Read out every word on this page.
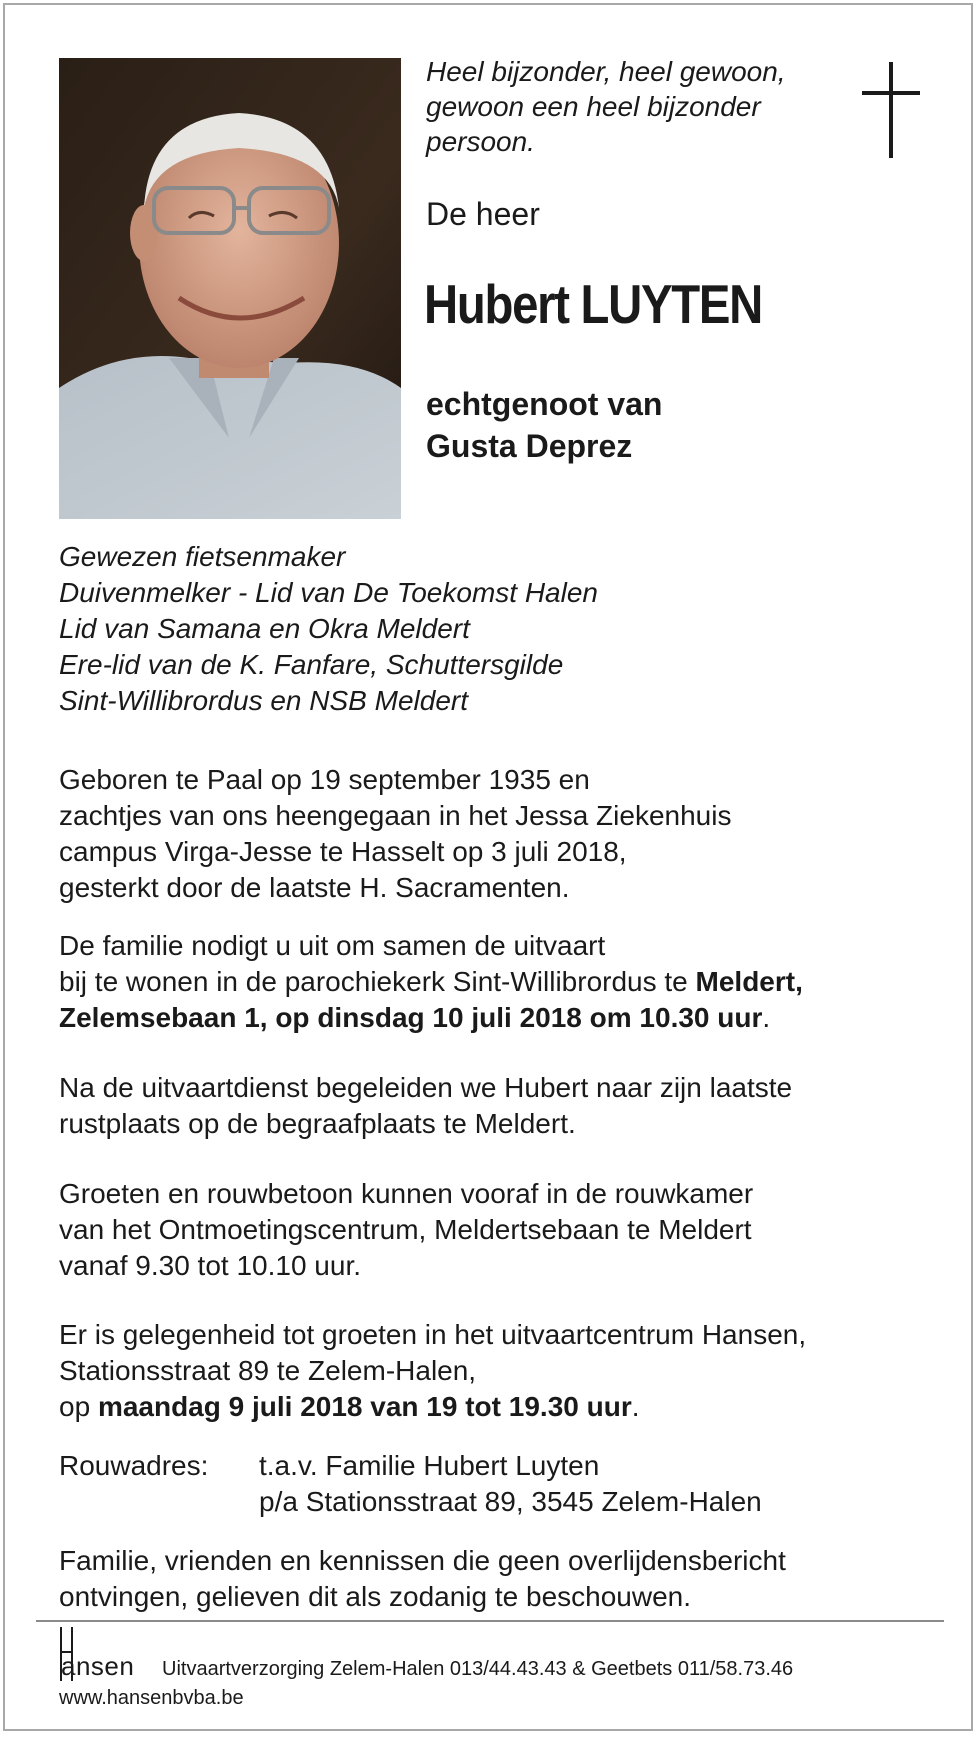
Heel bijzonder, heel gewoon,
gewoon een heel bijzonder
persoon.
De heer
Hubert LUYTEN
echtgenoot van
Gusta Deprez
Gewezen fietsenmaker
Duivenmelker - Lid van De Toekomst Halen
Lid van Samana en Okra Meldert
Ere-lid van de K. Fanfare, Schuttersgilde
Sint-Willibrordus en NSB Meldert
Geboren te Paal op 19 september 1935 en
zachtjes van ons heengegaan in het Jessa Ziekenhuis
campus Virga-Jesse te Hasselt op 3 juli 2018,
gesterkt door de laatste H. Sacramenten.
De familie nodigt u uit om samen de uitvaart
bij te wonen in de parochiekerk Sint-Willibrordus te Meldert,
Zelemsebaan 1, op dinsdag 10 juli 2018 om 10.30 uur.
Na de uitvaartdienst begeleiden we Hubert naar zijn laatste
rustplaats op de begraafplaats te Meldert.
Groeten en rouwbetoon kunnen vooraf in de rouwkamer
van het Ontmoetingscentrum, Meldertsebaan te Meldert
vanaf 9.30 tot 10.10 uur.
Er is gelegenheid tot groeten in het uitvaartcentrum Hansen,
Stationsstraat 89 te Zelem-Halen,
op maandag 9 juli 2018 van 19 tot 19.30 uur.
Rouwadres: t.a.v. Familie Hubert Luyten
p/a Stationsstraat 89, 3545 Zelem-Halen
Familie, vrienden en kennissen die geen overlijdensbericht
ontvingen, gelieven dit als zodanig te beschouwen.
ansen Uitvaartverzorging Zelem-Halen 013/44.43.43 & Geetbets 011/58.73.46
www.hansenbvba.be
